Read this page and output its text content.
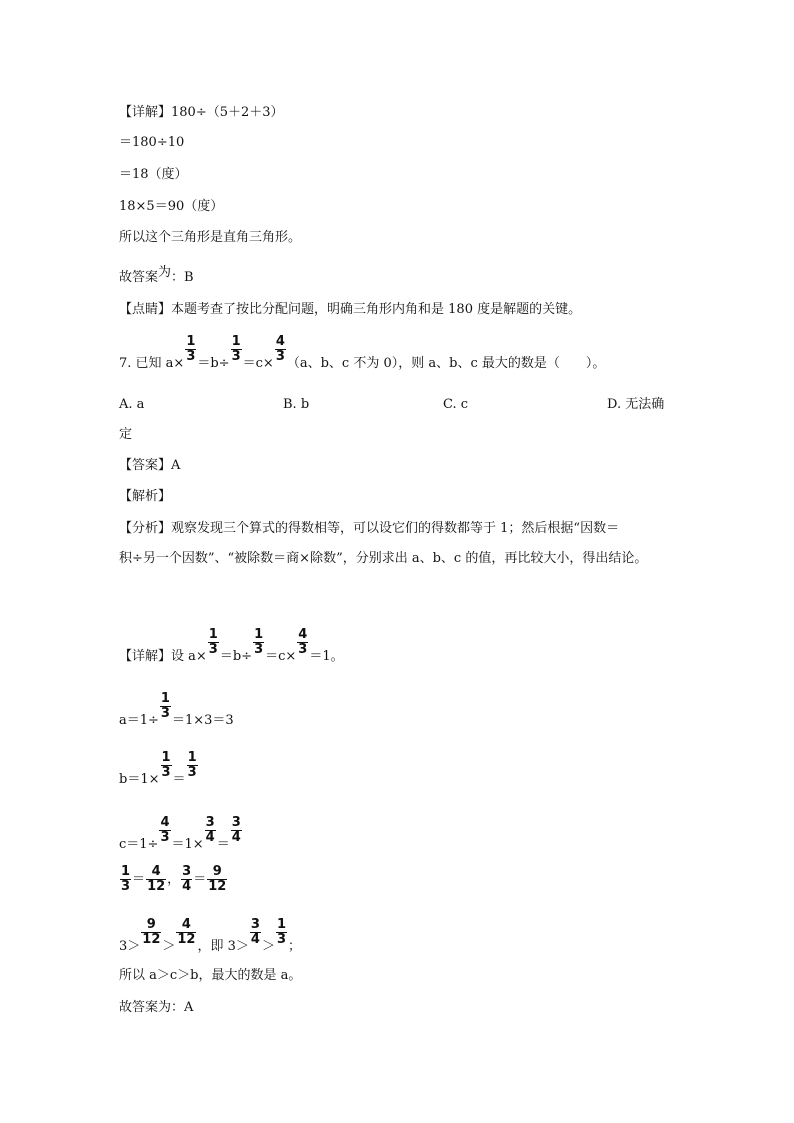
【详解】180÷（5＋2＋3）
＝180÷10
＝18（度）
18×5＝90（度）
所以这个三角形是直角三角形。
故答案为：B
【点睛】本题考查了按比分配问题，明确三角形内角和是 180 度是解题的关键。
7. 已知 $a\times \frac{1}{3} =b\div \frac{1}{3} =c\times \frac{4}{3} (a$、b、c 不为 0），则 a、b、c 最大的数是（　　）。
A. a	B. b	C. c	D. 无法确
定
【答案】A
【解析】
【分析】观察发现三个算式的得数相等，可以设它们的得数都等于 1；然后根据“因数＝
积÷另一个因数”、“被除数＝商×除数”，分别求出 a、b、c 的值，再比较大小，得出结论。
【详解】设 $a\times \frac{1}{3} =b\div \frac{1}{3} =c\times \frac{4}{3} =1$。
$a=1\div \frac{1}{3} =1\times 3=3$
$b=1\times \frac{1}{3} = \frac{1}{3}$
$c=1\div \frac{4}{3} =1\times \frac{3}{4} = \frac{3}{4}$
$\frac{1}{3} = \frac{4}{12}$ ， $\frac{3}{4} = \frac{9}{12}$
$3> \frac{9}{12} > \frac{4}{12}$ ，即 $3> \frac{3}{4} > \frac{1}{3}$ ；
所以 a＞c＞b，最大的数是 a。
故答案为：A
